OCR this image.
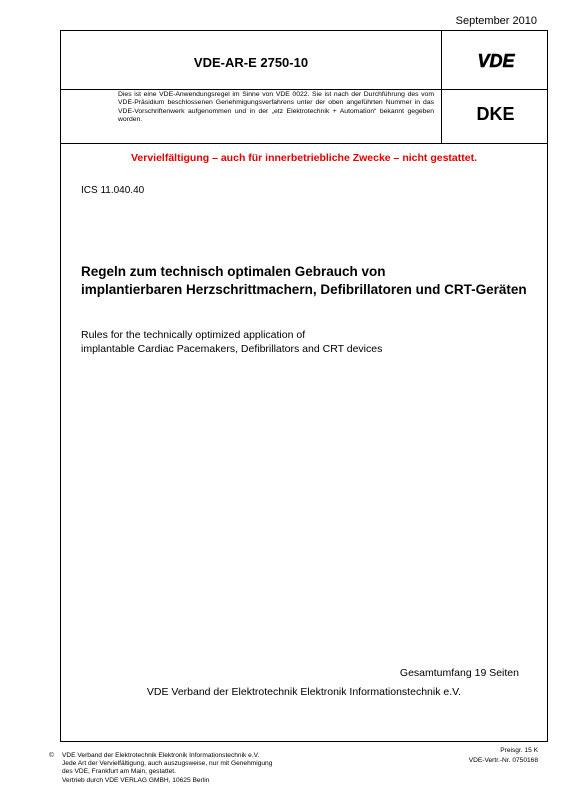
September 2010
VDE-AR-E 2750-10	VDE
Dies ist eine VDE-Anwendungsregel im Sinne von VDE 0022. Sie ist nach der Durchführung des vom VDE-Präsidium beschlossenen Genehmigungsverfahrens unter der oben angeführten Nummer in das VDE-Vorschriftenwerk aufgenommen und in der „etz Elektrotechnik + Automation“ bekannt gegeben worden.	DKE
Vervielfältigung – auch für innerbetriebliche Zwecke – nicht gestattet.
ICS 11.040.40
Regeln zum technisch optimalen Gebrauch von
implantierbaren Herzschrittmachern, Defibrillatoren und CRT-Geräten
Rules for the technically optimized application of
implantable Cardiac Pacemakers, Defibrillators and CRT devices
Gesamtumfang 19 Seiten
VDE Verband der Elektrotechnik Elektronik Informationstechnik e.V.
© VDE Verband der Elektrotechnik Elektronik Informationstechnik e.V.
Jede Art der Vervielfältigung, auch auszugsweise, nur mit Genehmigung
des VDE, Frankfurt am Main, gestattet.
Vertrieb durch VDE VERLAG GMBH, 10625 Berlin
Preisgr. 15 K
VDE-Vertr.-Nr. 0750168
